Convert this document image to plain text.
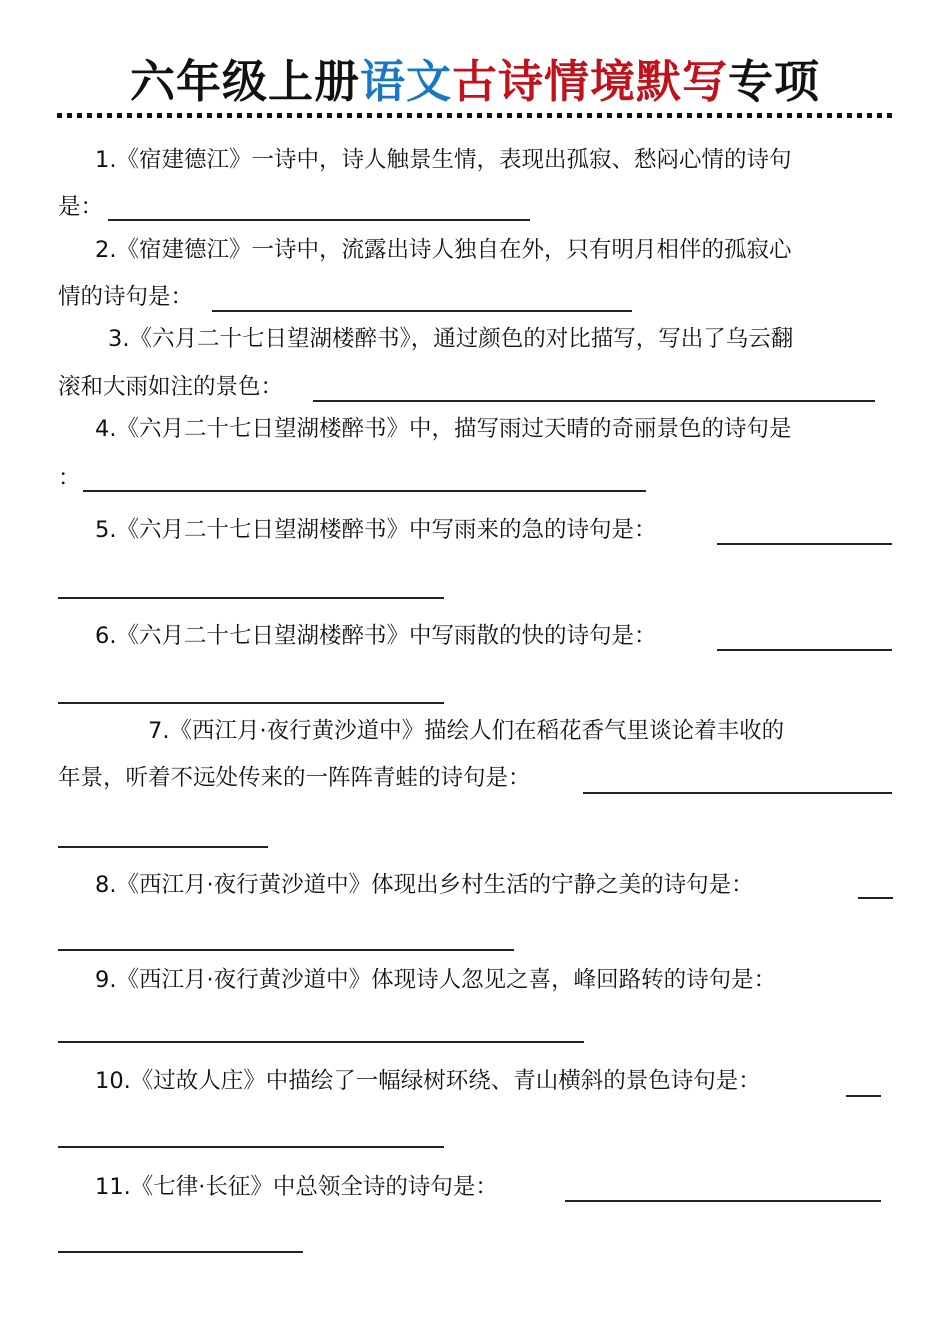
六年级上册语文古诗情境默写专项
1.《宿建德江》一诗中，诗人触景生情，表现出孤寂、愁闷心情的诗句
是：
2.《宿建德江》一诗中，流露出诗人独自在外，只有明月相伴的孤寂心
情的诗句是：
3.《六月二十七日望湖楼醉书》，通过颜色的对比描写，写出了乌云翻
滚和大雨如注的景色：
4.《六月二十七日望湖楼醉书》中，描写雨过天晴的奇丽景色的诗句是
：
5.《六月二十七日望湖楼醉书》中写雨来的急的诗句是：
6.《六月二十七日望湖楼醉书》中写雨散的快的诗句是：
7.《西江月·夜行黄沙道中》描绘人们在稻花香气里谈论着丰收的
年景，听着不远处传来的一阵阵青蛙的诗句是：
8.《西江月·夜行黄沙道中》体现出乡村生活的宁静之美的诗句是：
9.《西江月·夜行黄沙道中》体现诗人忽见之喜，峰回路转的诗句是：
10.《过故人庄》中描绘了一幅绿树环绕、青山横斜的景色诗句是：
11.《七律·长征》中总领全诗的诗句是：
